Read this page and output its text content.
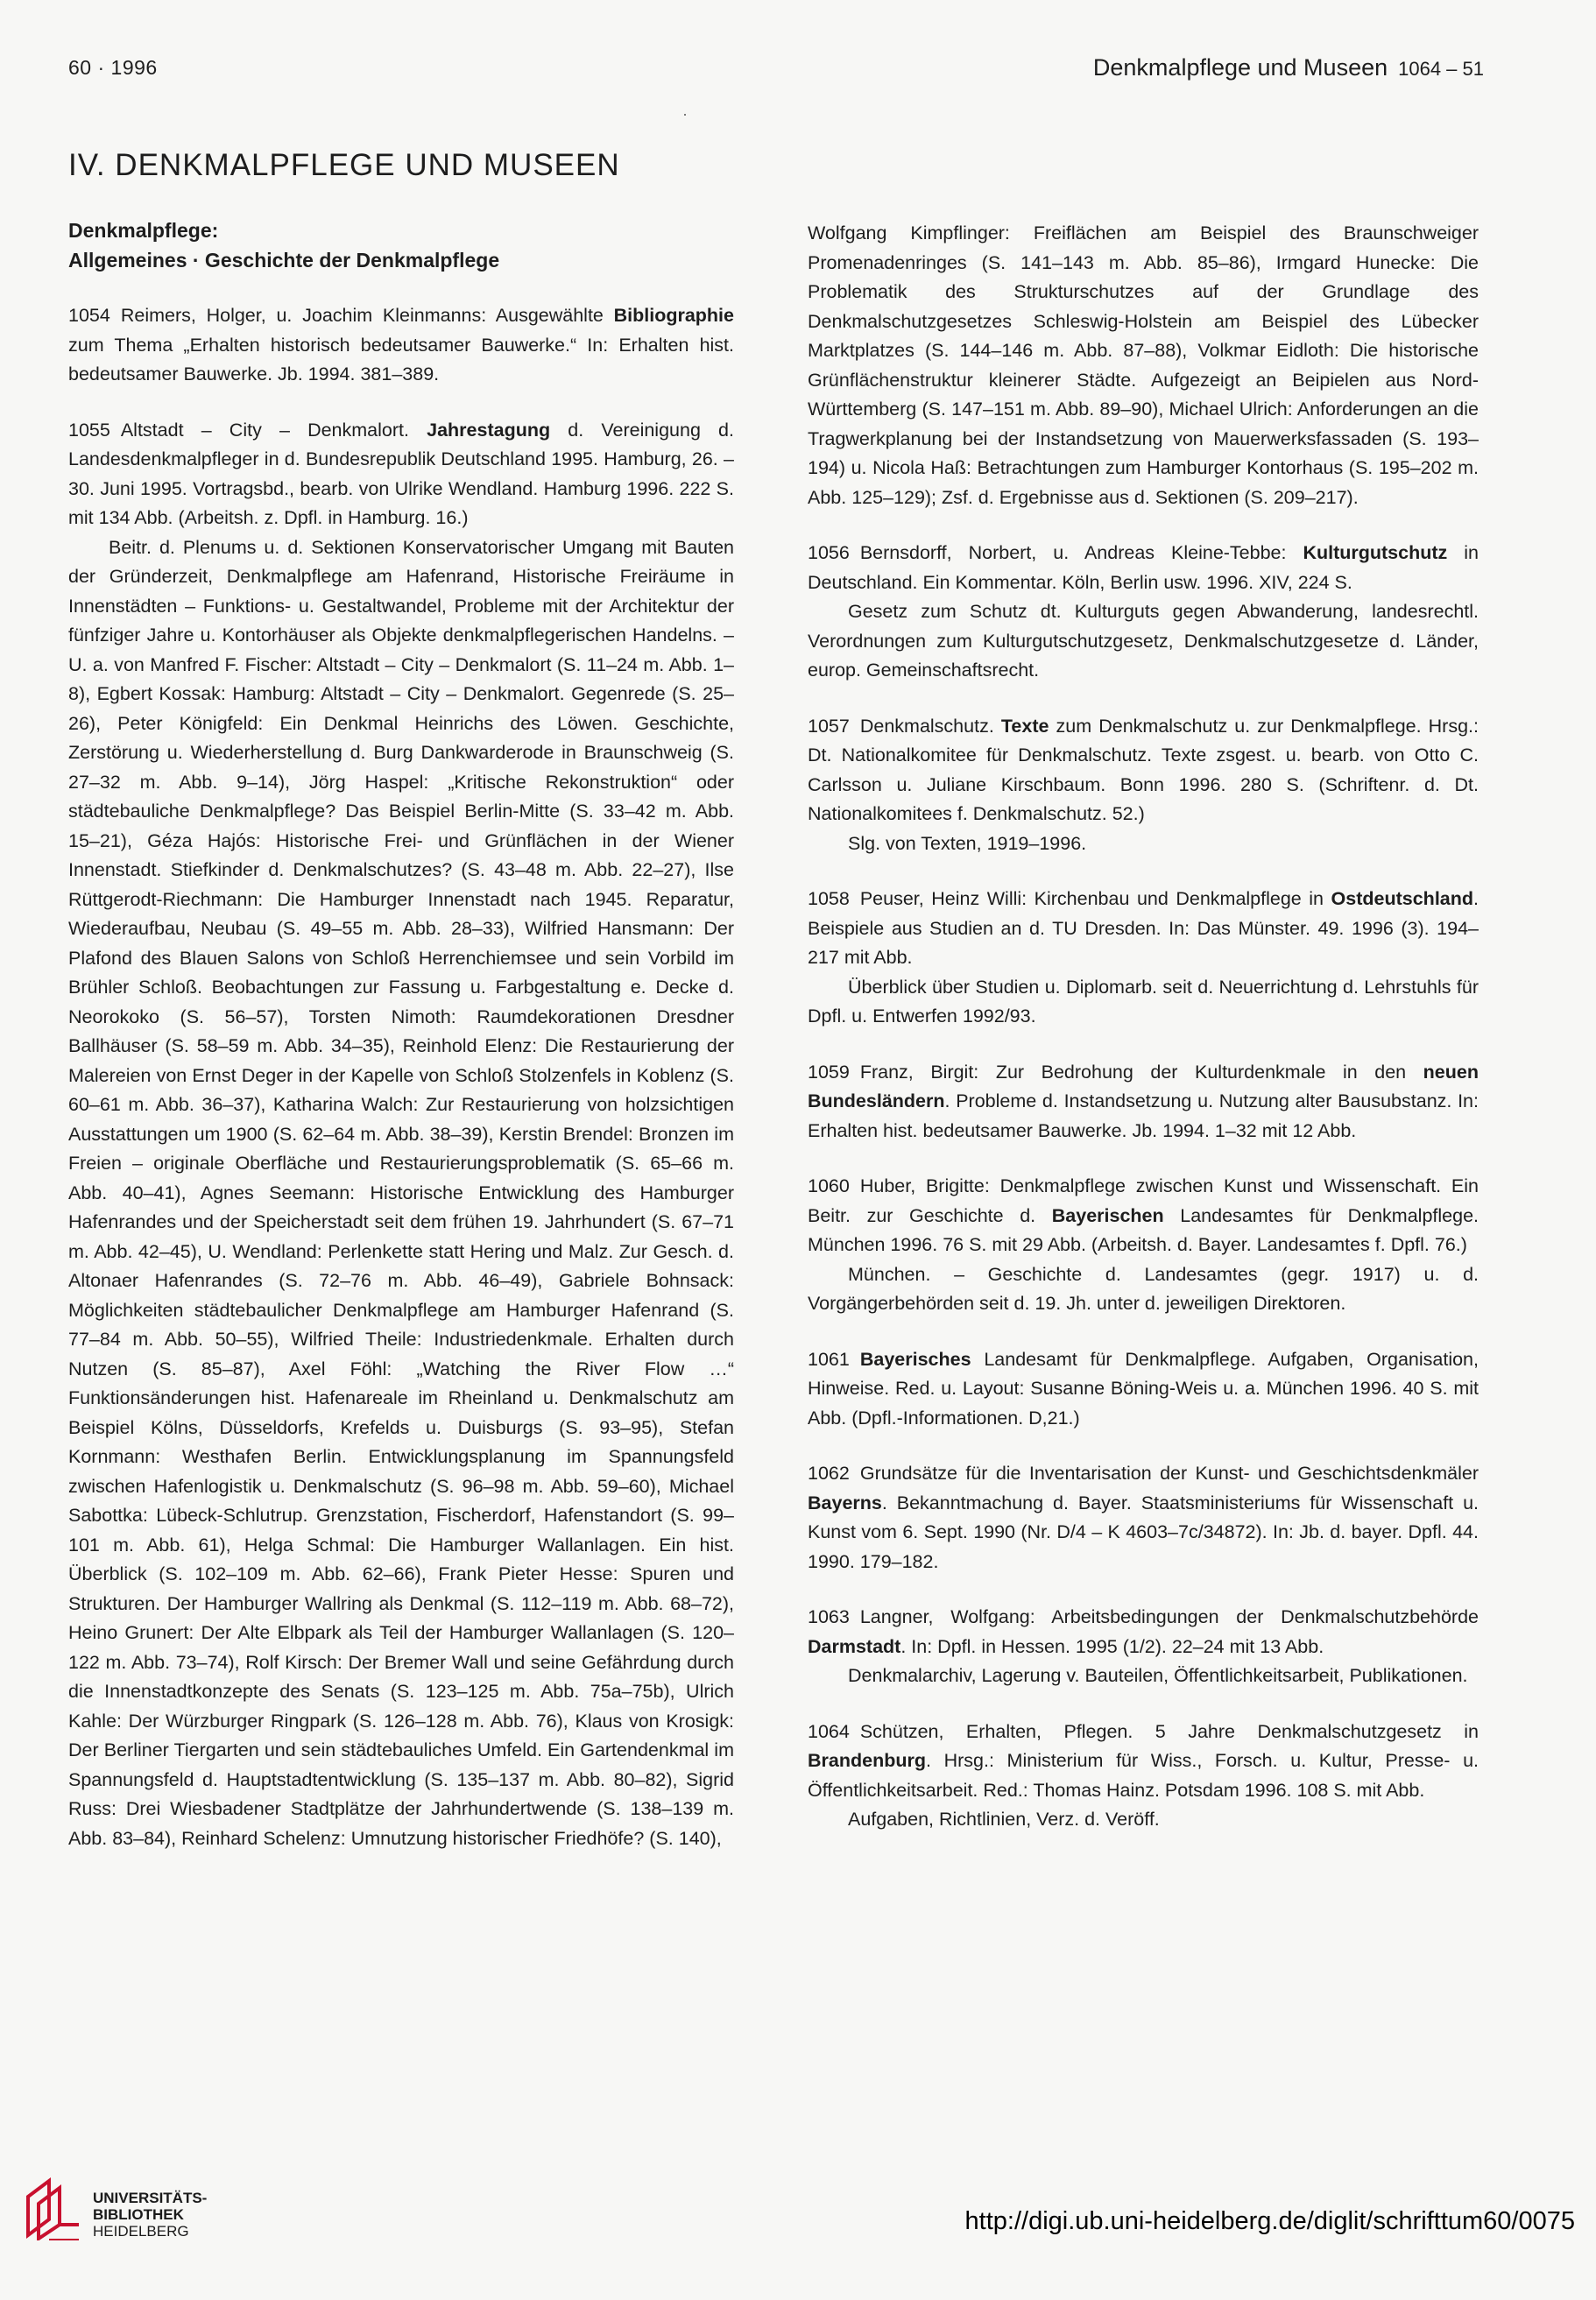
60 · 1996	Denkmalpflege und Museen 1064 – 51
IV. DENKMALPFLEGE UND MUSEEN
Denkmalpflege:
Allgemeines · Geschichte der Denkmalpflege

1054 Reimers, Holger, u. Joachim Kleinmanns: Ausgewählte Bibliographie zum Thema „Erhalten historisch bedeutsamer Bauwerke.“ In: Erhalten hist. bedeutsamer Bauwerke. Jb. 1994. 381–389.

1055 Altstadt – City – Denkmalort. Jahrestagung d. Vereinigung d. Landesdenkmalpfleger in d. Bundesrepublik Deutschland 1995. Hamburg, 26. – 30. Juni 1995. Vortragsbd., bearb. von Ulrike Wendland. Hamburg 1996. 222 S. mit 134 Abb. (Arbeitsh. z. Dpfl. in Hamburg. 16.)

Beitr. d. Plenums u. d. Sektionen Konservatorischer Umgang mit Bauten der Gründerzeit, Denkmalpflege am Hafenrand, Historische Freiräume in Innenstädten – Funktions- u. Gestaltwandel, Probleme mit der Architektur der fünfziger Jahre u. Kontorhäuser als Objekte denkmalpflegerischen Handelns. – U. a. von Manfred F. Fischer: Altstadt – City – Denkmalort (S. 11–24 m. Abb. 1–8), Egbert Kossak: Hamburg: Altstadt – City – Denkmalort. Gegenrede (S. 25–26), Peter Königfeld: Ein Denkmal Heinrichs des Löwen. Geschichte, Zerstörung u. Wiederherstellung d. Burg Dankwarderode in Braunschweig (S. 27–32 m. Abb. 9–14), Jörg Haspel: „Kritische Rekonstruktion“ oder städtebauliche Denkmalpflege? Das Beispiel Berlin-Mitte (S. 33–42 m. Abb. 15–21), Géza Hajós: Historische Frei- und Grünflächen in der Wiener Innenstadt. Stiefkinder d. Denkmalschutzes? (S. 43–48 m. Abb. 22–27), Ilse Rüttgerodt-Riechmann: Die Hamburger Innenstadt nach 1945. Reparatur, Wiederaufbau, Neubau (S. 49–55 m. Abb. 28–33), Wilfried Hansmann: Der Plafond des Blauen Salons von Schloß Herrenchiemsee und sein Vorbild im Brühler Schloß. Beobachtungen zur Fassung u. Farbgestaltung e. Decke d. Neorokoko (S. 56–57), Torsten Nimoth: Raumdekorationen Dresdner Ballhäuser (S. 58–59 m. Abb. 34–35), Reinhold Elenz: Die Restaurierung der Malereien von Ernst Deger in der Kapelle von Schloß Stolzenfels in Koblenz (S. 60–61 m. Abb. 36–37), Katharina Walch: Zur Restaurierung von holzsichtigen Ausstattungen um 1900 (S. 62–64 m. Abb. 38–39), Kerstin Brendel: Bronzen im Freien – originale Oberfläche und Restaurierungsproblematik (S. 65–66 m. Abb. 40–41), Agnes Seemann: Historische Entwicklung des Hamburger Hafenrandes und der Speicherstadt seit dem frühen 19. Jahrhundert (S. 67–71 m. Abb. 42–45), U. Wendland: Perlenkette statt Hering und Malz. Zur Gesch. d. Altonaer Hafenrandes (S. 72–76 m. Abb. 46–49), Gabriele Bohnsack: Möglichkeiten städtebaulicher Denkmalpflege am Hamburger Hafenrand (S. 77–84 m. Abb. 50–55), Wilfried Theile: Industriedenkmale. Erhalten durch Nutzen (S. 85–87), Axel Föhl: „Watching the River Flow …“ Funktionsänderungen hist. Hafenareale im Rheinland u. Denkmalschutz am Beispiel Kölns, Düsseldorfs, Krefelds u. Duisburgs (S. 93–95), Stefan Kornmann: Westhafen Berlin. Entwicklungsplanung im Spannungsfeld zwischen Hafenlogistik u. Denkmalschutz (S. 96–98 m. Abb. 59–60), Michael Sabottka: Lübeck-Schlutrup. Grenzstation, Fischerdorf, Hafenstandort (S. 99–101 m. Abb. 61), Helga Schmal: Die Hamburger Wallanlagen. Ein hist. Überblick (S. 102–109 m. Abb. 62–66), Frank Pieter Hesse: Spuren und Strukturen. Der Hamburger Wallring als Denkmal (S. 112–119 m. Abb. 68–72), Heino Grunert: Der Alte Elbpark als Teil der Hamburger Wallanlagen (S. 120–122 m. Abb. 73–74), Rolf Kirsch: Der Bremer Wall und seine Gefährdung durch die Innenstadtkonzepte des Senats (S. 123–125 m. Abb. 75a–75b), Ulrich Kahle: Der Würzburger Ringpark (S. 126–128 m. Abb. 76), Klaus von Krosigk: Der Berliner Tiergarten und sein städtebauliches Umfeld. Ein Gartendenkmal im Spannungsfeld d. Hauptstadtentwicklung (S. 135–137 m. Abb. 80–82), Sigrid Russ: Drei Wiesbadener Stadtplätze der Jahrhundertwende (S. 138–139 m. Abb. 83–84), Reinhard Schelenz: Umnutzung historischer Friedhöfe? (S. 140),

Wolfgang Kimpflinger: Freiflächen am Beispiel des Braunschweiger Promenadenringes (S. 141–143 m. Abb. 85–86), Irmgard Hunecke: Die Problematik des Strukturschutzes auf der Grundlage des Denkmalschutzgesetzes Schleswig-Holstein am Beispiel des Lübecker Marktplatzes (S. 144–146 m. Abb. 87–88), Volkmar Eidloth: Die historische Grünflächenstruktur kleinerer Städte. Aufgezeigt an Beipielen aus Nord-Württemberg (S. 147–151 m. Abb. 89–90), Michael Ulrich: Anforderungen an die Tragwerkplanung bei der Instandsetzung von Mauerwerksfassaden (S. 193–194) u. Nicola Haß: Betrachtungen zum Hamburger Kontorhaus (S. 195–202 m. Abb. 125–129); Zsf. d. Ergebnisse aus d. Sektionen (S. 209–217).

1056 Bernsdorff, Norbert, u. Andreas Kleine-Tebbe: Kulturgutschutz in Deutschland. Ein Kommentar. Köln, Berlin usw. 1996. XIV, 224 S.

Gesetz zum Schutz dt. Kulturguts gegen Abwanderung, landesrechtl. Verordnungen zum Kulturgutschutzgesetz, Denkmalschutzgesetze d. Länder, europ. Gemeinschaftsrecht.

1057 Denkmalschutz. Texte zum Denkmalschutz u. zur Denkmalpflege. Hrsg.: Dt. Nationalkomitee für Denkmalschutz. Texte zsgest. u. bearb. von Otto C. Carlsson u. Juliane Kirschbaum. Bonn 1996. 280 S. (Schriftenr. d. Dt. Nationalkomitees f. Denkmalschutz. 52.)

Slg. von Texten, 1919–1996.

1058 Peuser, Heinz Willi: Kirchenbau und Denkmalpflege in Ostdeutschland. Beispiele aus Studien an d. TU Dresden. In: Das Münster. 49. 1996 (3). 194–217 mit Abb.

Überblick über Studien u. Diplomarb. seit d. Neuerrichtung d. Lehrstuhls für Dpfl. u. Entwerfen 1992/93.

1059 Franz, Birgit: Zur Bedrohung der Kulturdenkmale in den neuen Bundesländern. Probleme d. Instandsetzung u. Nutzung alter Bausubstanz. In: Erhalten hist. bedeutsamer Bauwerke. Jb. 1994. 1–32 mit 12 Abb.

1060 Huber, Brigitte: Denkmalpflege zwischen Kunst und Wissenschaft. Ein Beitr. zur Geschichte d. Bayerischen Landesamtes für Denkmalpflege. München 1996. 76 S. mit 29 Abb. (Arbeitsh. d. Bayer. Landesamtes f. Dpfl. 76.)

München. – Geschichte d. Landesamtes (gegr. 1917) u. d. Vorgängerbehörden seit d. 19. Jh. unter d. jeweiligen Direktoren.

1061 Bayerisches Landesamt für Denkmalpflege. Aufgaben, Organisation, Hinweise. Red. u. Layout: Susanne Böning-Weis u. a. München 1996. 40 S. mit Abb. (Dpfl.-Informationen. D,21.)

1062 Grundsätze für die Inventarisation der Kunst- und Geschichtsdenkmäler Bayerns. Bekanntmachung d. Bayer. Staatsministeriums für Wissenschaft u. Kunst vom 6. Sept. 1990 (Nr. D/4 – K 4603–7c/34872). In: Jb. d. bayer. Dpfl. 44. 1990. 179–182.

1063 Langner, Wolfgang: Arbeitsbedingungen der Denkmalschutzbehörde Darmstadt. In: Dpfl. in Hessen. 1995 (1/2). 22–24 mit 13 Abb.

Denkmalarchiv, Lagerung v. Bauteilen, Öffentlichkeitsarbeit, Publikationen.

1064 Schützen, Erhalten, Pflegen. 5 Jahre Denkmalschutzgesetz in Brandenburg. Hrsg.: Ministerium für Wiss., Forsch. u. Kultur, Presse- u. Öffentlichkeitsarbeit. Red.: Thomas Hainz. Potsdam 1996. 108 S. mit Abb.

Aufgaben, Richtlinien, Verz. d. Veröff.

UNIVERSITÄTS-
BIBLIOTHEK
HEIDELBERG	http://digi.ub.uni-heidelberg.de/diglit/schrifttum60/0075
